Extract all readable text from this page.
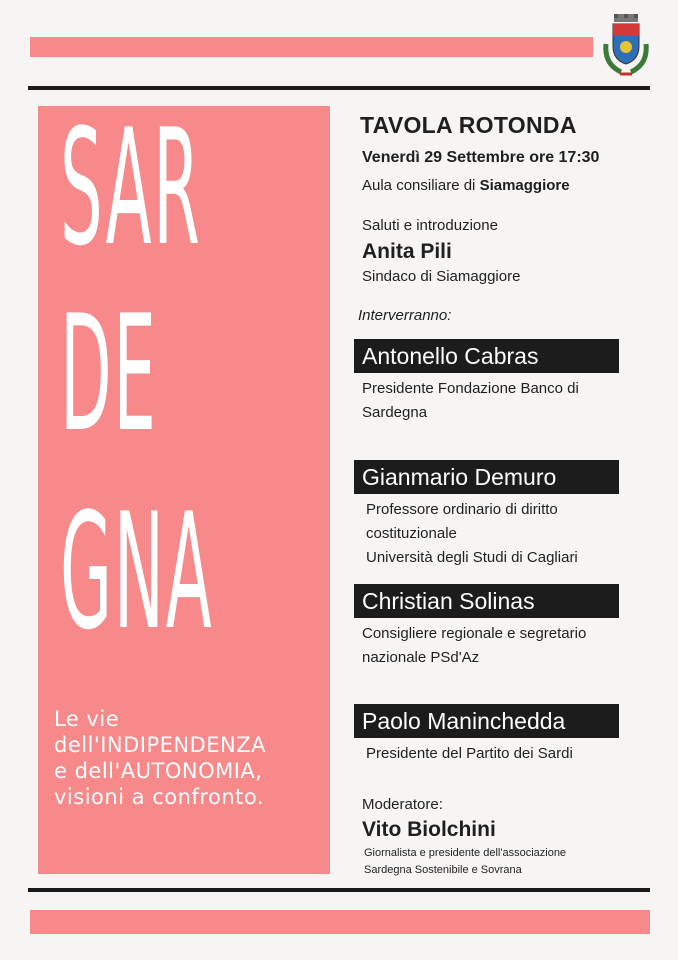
SAR
DE
GNA
Le vie
dell'INDIPENDENZA
e dell'AUTONOMIA,
visioni a confronto.
TAVOLA ROTONDA
Venerdì 29 Settembre ore 17:30
Aula consiliare di Siamaggiore
Saluti e introduzione
Anita Pili
Sindaco di Siamaggiore
Interverranno:
Antonello Cabras
Presidente Fondazione Banco di
Sardegna
Gianmario Demuro
Professore ordinario di diritto
costituzionale
Università degli Studi di Cagliari
Christian Solinas
Consigliere regionale e segretario
nazionale PSd'Az
Paolo Maninchedda
Presidente del Partito dei Sardi
Moderatore:
Vito Biolchini
Giornalista e presidente dell'associazione
Sardegna Sostenibile e Sovrana
